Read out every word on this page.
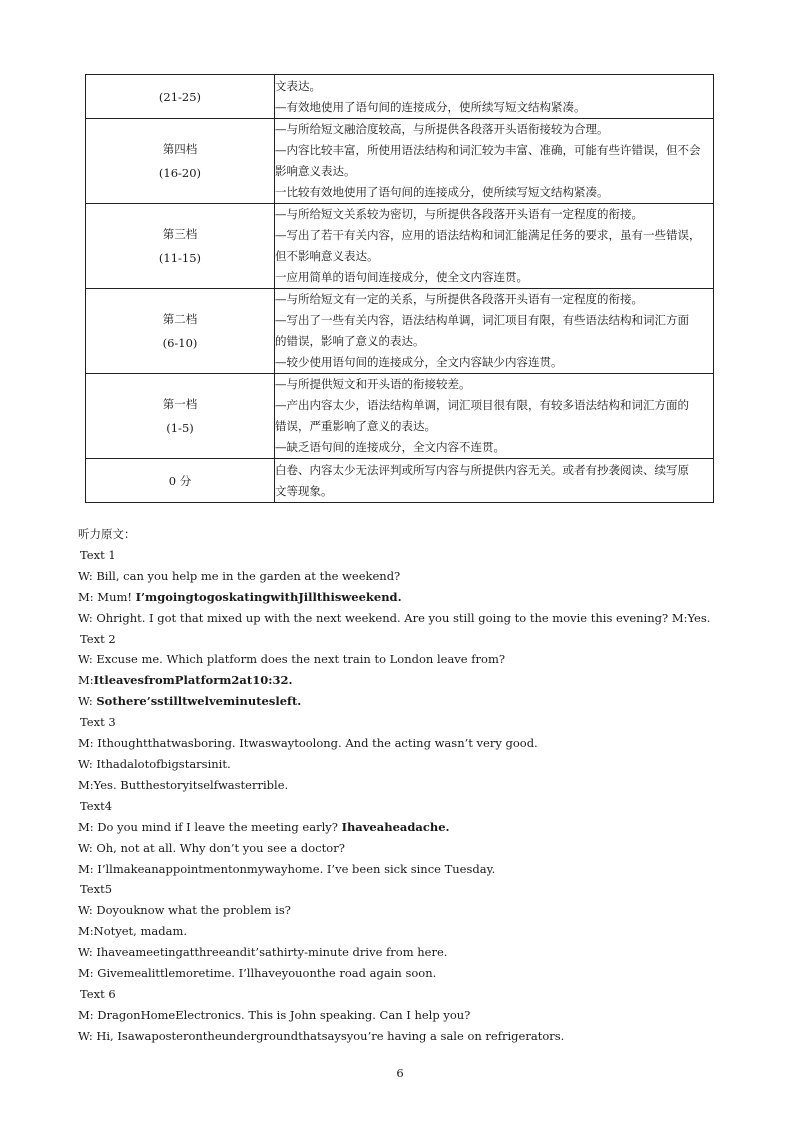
(21-25)	文表达。
—有效地使用了语句间的连接成分，使所续写短文结构紧凑。

第四档
(16-20)	—与所给短文融洽度较高，与所提供各段落开头语衔接较为合理。
—内容比较丰富，所使用语法结构和词汇较为丰富、准确，可能有些许错误，但不会
影响意义表达。
一比较有效地使用了语句间的连接成分，使所续写短文结构紧凑。

第三档
(11-15)	—与所给短文关系较为密切，与所提供各段落开头语有一定程度的衔接。
—写出了若干有关内容，应用的语法结构和词汇能满足任务的要求，虽有一些错误，
但不影响意义表达。
一应用简单的语句间连接成分，使全文内容连贯。

第二档
(6-10)	—与所给短文有一定的关系，与所提供各段落开头语有一定程度的衔接。
—写出了一些有关内容，语法结构单调，词汇项目有限，有些语法结构和词汇方面
的错误，影响了意义的表达。
—较少使用语句间的连接成分，全文内容缺少内容连贯。

第一档
(1-5)	—与所提供短文和开头语的衔接较差。
—产出内容太少，语法结构单调，词汇项目很有限，有较多语法结构和词汇方面的
错误，严重影响了意义的表达。
—缺乏语句间的连接成分，全文内容不连贯。

0 分	白卷、内容太少无法评判或所写内容与所提供内容无关。或者有抄袭阅读、续写原
文等现象。
听力原文：
Text 1
W: Bill, can you help me in the garden at the weekend?
M: Mum! I’mgoingtogoskatingwithJillthisweekend.
W: Ohright. I got that mixed up with the next weekend. Are you still going to the movie this evening? M:Yes.
Text 2
W: Excuse me. Which platform does the next train to London leave from?
M:ItleavesfromPlatform2at10:32.
W: Sothere’sstilltwelveminutesleft.
Text 3
M: Ithoughtthatwasboring. Itwaswaytoolong. And the acting wasn’t very good.
W: Ithadalotofbigstarsinit.
M:Yes. Butthestoryitselfwasterrible.
Text4
M: Do you mind if I leave the meeting early? Ihaveaheadache.
W: Oh, not at all. Why don’t you see a doctor?
M: I’llmakeanappointmentonmywayhome. I’ve been sick since Tuesday.
Text5
W: Doyouknow what the problem is?
M:Notyet, madam.
W: Ihaveameetingatthreeandit’sathirty-minute drive from here.
M: Givemealittlemoretime. I’llhaveyouonthe road again soon.
Text 6
M: DragonHomeElectronics. This is John speaking. Can I help you?
W: Hi, Isawaposterontheundergroundthatsaysyou’re having a sale on refrigerators.
6
